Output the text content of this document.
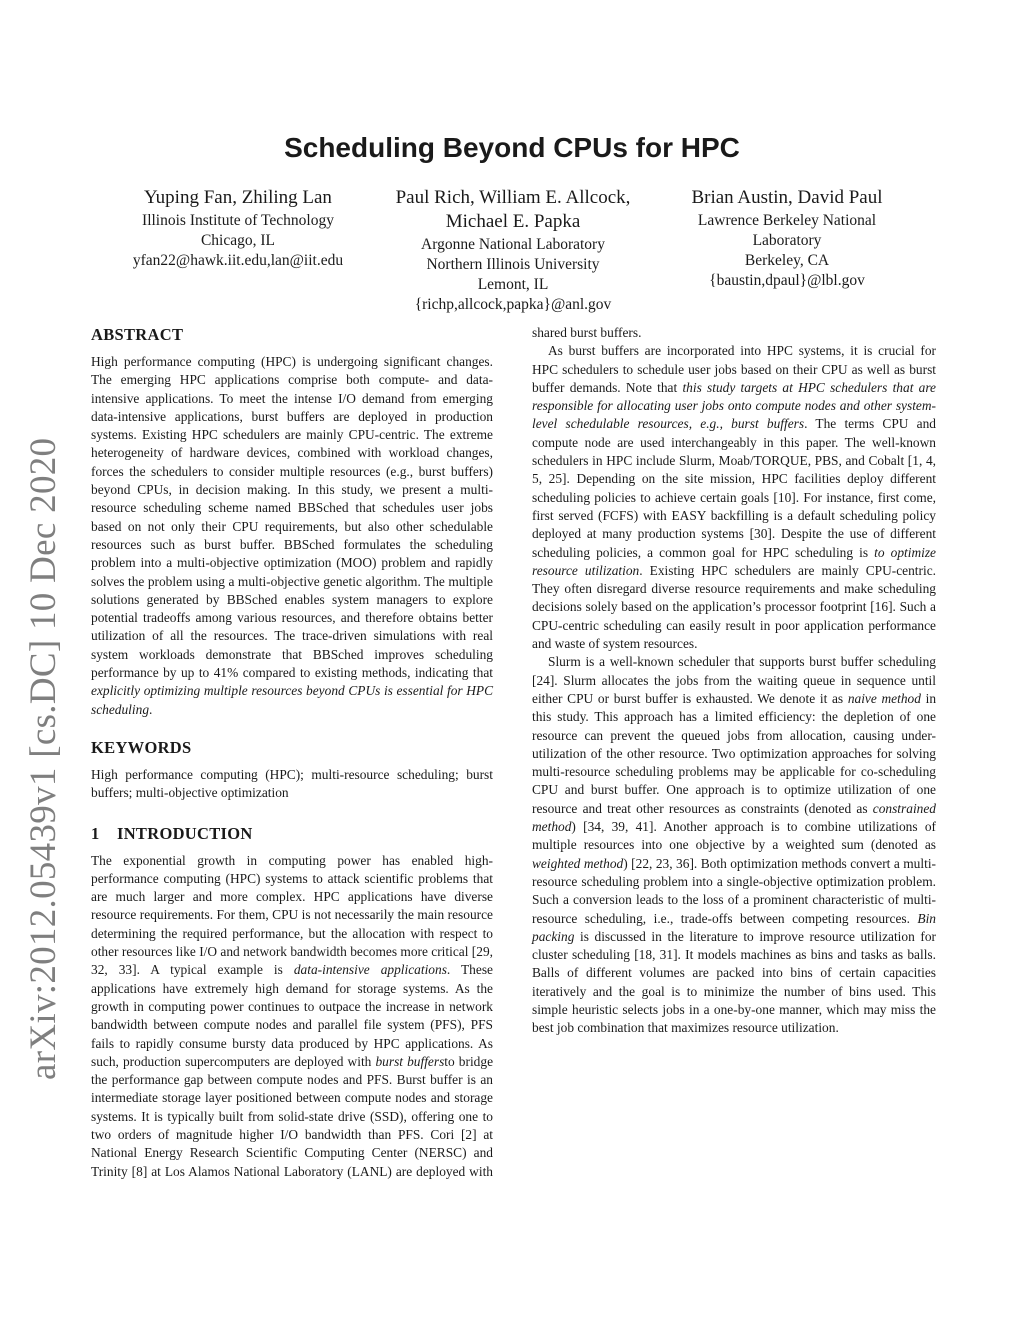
arXiv:2012.05439v1 [cs.DC] 10 Dec 2020
Scheduling Beyond CPUs for HPC
Yuping Fan, Zhiling Lan
Illinois Institute of Technology
Chicago, IL
yfan22@hawk.iit.edu,lan@iit.edu
Paul Rich, William E. Allcock, Michael E. Papka
Argonne National Laboratory
Northern Illinois University
Lemont, IL
{richp,allcock,papka}@anl.gov
Brian Austin, David Paul
Lawrence Berkeley National Laboratory
Berkeley, CA
{baustin,dpaul}@lbl.gov
ABSTRACT

High performance computing (HPC) is undergoing significant changes. The emerging HPC applications comprise both compute- and data-intensive applications. To meet the intense I/O demand from emerging data-intensive applications, burst buffers are deployed in production systems. Existing HPC schedulers are mainly CPU-centric. The extreme heterogeneity of hardware devices, combined with workload changes, forces the schedulers to consider multiple resources (e.g., burst buffers) beyond CPUs, in decision making. In this study, we present a multi-resource scheduling scheme named BBSched that schedules user jobs based on not only their CPU requirements, but also other schedulable resources such as burst buffer. BBSched formulates the scheduling problem into a multi-objective optimization (MOO) problem and rapidly solves the problem using a multi-objective genetic algorithm. The multiple solutions generated by BBSched enables system managers to explore potential tradeoffs among various resources, and therefore obtains better utilization of all the resources. The trace-driven simulations with real system workloads demonstrate that BBSched improves scheduling performance by up to 41% compared to existing methods, indicating that explicitly optimizing multiple resources beyond CPUs is essential for HPC scheduling.

KEYWORDS

High performance computing (HPC); multi-resource scheduling; burst buffers; multi-objective optimization

1 INTRODUCTION

The exponential growth in computing power has enabled high-performance computing (HPC) systems to attack scientific problems that are much larger and more complex. HPC applications have diverse resource requirements. For them, CPU is not necessarily the main resource determining the required performance, but the allocation with respect to other resources like I/O and network bandwidth becomes more critical [29, 32, 33]. A typical example is data-intensive applications. These applications have extremely high demand for storage systems. As the growth in computing power continues to outpace the increase in network bandwidth between compute nodes and parallel file system (PFS), PFS fails to rapidly consume bursty data produced by HPC applications. As such, production supercomputers are deployed with burst buffersto bridge the performance gap between compute nodes and PFS. Burst buffer is an intermediate storage layer positioned between compute nodes and storage systems. It is typically built from solid-state drive (SSD), offering one to two orders of magnitude higher I/O bandwidth than PFS. Cori [2] at National Energy Research Scientific Computing Center (NERSC) and Trinity [8] at Los Alamos National Laboratory (LANL) are deployed with

shared burst buffers.

As burst buffers are incorporated into HPC systems, it is crucial for HPC schedulers to schedule user jobs based on their CPU as well as burst buffer demands. Note that this study targets at HPC schedulers that are responsible for allocating user jobs onto compute nodes and other system-level schedulable resources, e.g., burst buffers. The terms CPU and compute node are used interchangeably in this paper. The well-known schedulers in HPC include Slurm, Moab/TORQUE, PBS, and Cobalt [1, 4, 5, 25]. Depending on the site mission, HPC facilities deploy different scheduling policies to achieve certain goals [10]. For instance, first come, first served (FCFS) with EASY backfilling is a default scheduling policy deployed at many production systems [30]. Despite the use of different scheduling policies, a common goal for HPC scheduling is to optimize resource utilization. Existing HPC schedulers are mainly CPU-centric. They often disregard diverse resource requirements and make scheduling decisions solely based on the application’s processor footprint [16]. Such a CPU-centric scheduling can easily result in poor application performance and waste of system resources.

Slurm is a well-known scheduler that supports burst buffer scheduling [24]. Slurm allocates the jobs from the waiting queue in sequence until either CPU or burst buffer is exhausted. We denote it as naive method in this study. This approach has a limited efficiency: the depletion of one resource can prevent the queued jobs from allocation, causing under-utilization of the other resource. Two optimization approaches for solving multi-resource scheduling problems may be applicable for co-scheduling CPU and burst buffer. One approach is to optimize utilization of one resource and treat other resources as constraints (denoted as constrained method) [34, 39, 41]. Another approach is to combine utilizations of multiple resources into one objective by a weighted sum (denoted as weighted method) [22, 23, 36]. Both optimization methods convert a multi-resource scheduling problem into a single-objective optimization problem. Such a conversion leads to the loss of a prominent characteristic of multi-resource scheduling, i.e., trade-offs between competing resources. Bin packing is discussed in the literature to improve resource utilization for cluster scheduling [18, 31]. It models machines as bins and tasks as balls. Balls of different volumes are packed into bins of certain capacities iteratively and the goal is to minimize the number of bins used. This simple heuristic selects jobs in a one-by-one manner, which may miss the best job combination that maximizes resource utilization.
